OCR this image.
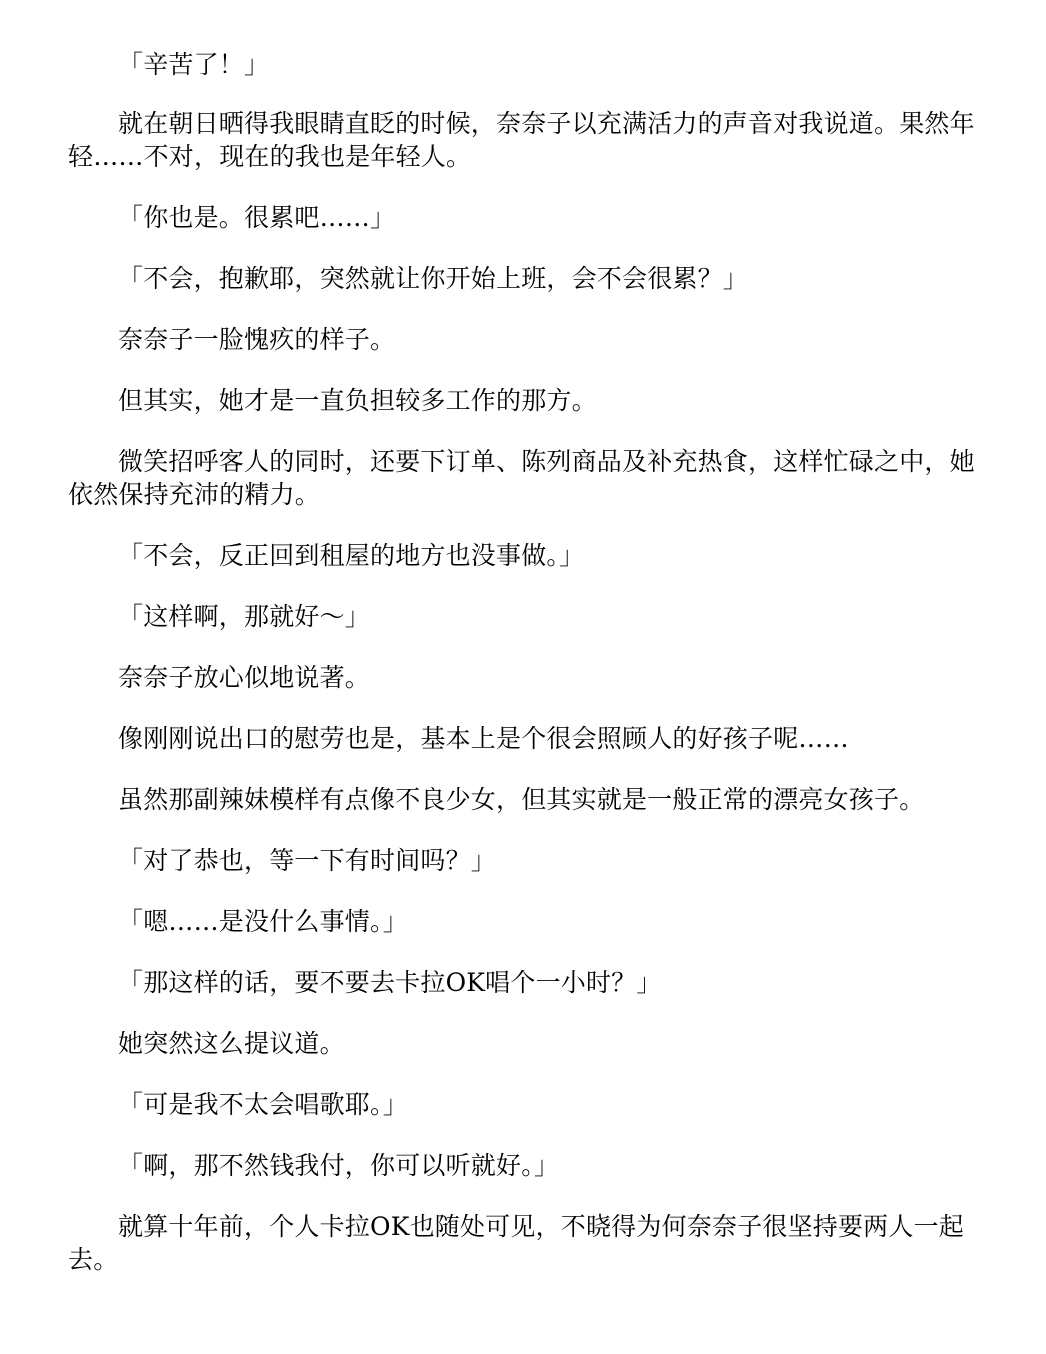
「辛苦了！」

就在朝日晒得我眼睛直眨的时候，奈奈子以充满活力的声音对我说道。果然年轻……不对，现在的我也是年轻人。

「你也是。很累吧……」

「不会，抱歉耶，突然就让你开始上班，会不会很累？」

奈奈子一脸愧疚的样子。

但其实，她才是一直负担较多工作的那方。

微笑招呼客人的同时，还要下订单、陈列商品及补充热食，这样忙碌之中，她依然保持充沛的精力。

「不会，反正回到租屋的地方也没事做。」

「这样啊，那就好～」

奈奈子放心似地说著。

像刚刚说出口的慰劳也是，基本上是个很会照顾人的好孩子呢……

虽然那副辣妹模样有点像不良少女，但其实就是一般正常的漂亮女孩子。

「对了恭也，等一下有时间吗？」

「嗯……是没什么事情。」

「那这样的话，要不要去卡拉OK唱个一小时？」

她突然这么提议道。

「可是我不太会唱歌耶。」

「啊，那不然钱我付，你可以听就好。」

就算十年前，个人卡拉OK也随处可见，不晓得为何奈奈子很坚持要两人一起去。
